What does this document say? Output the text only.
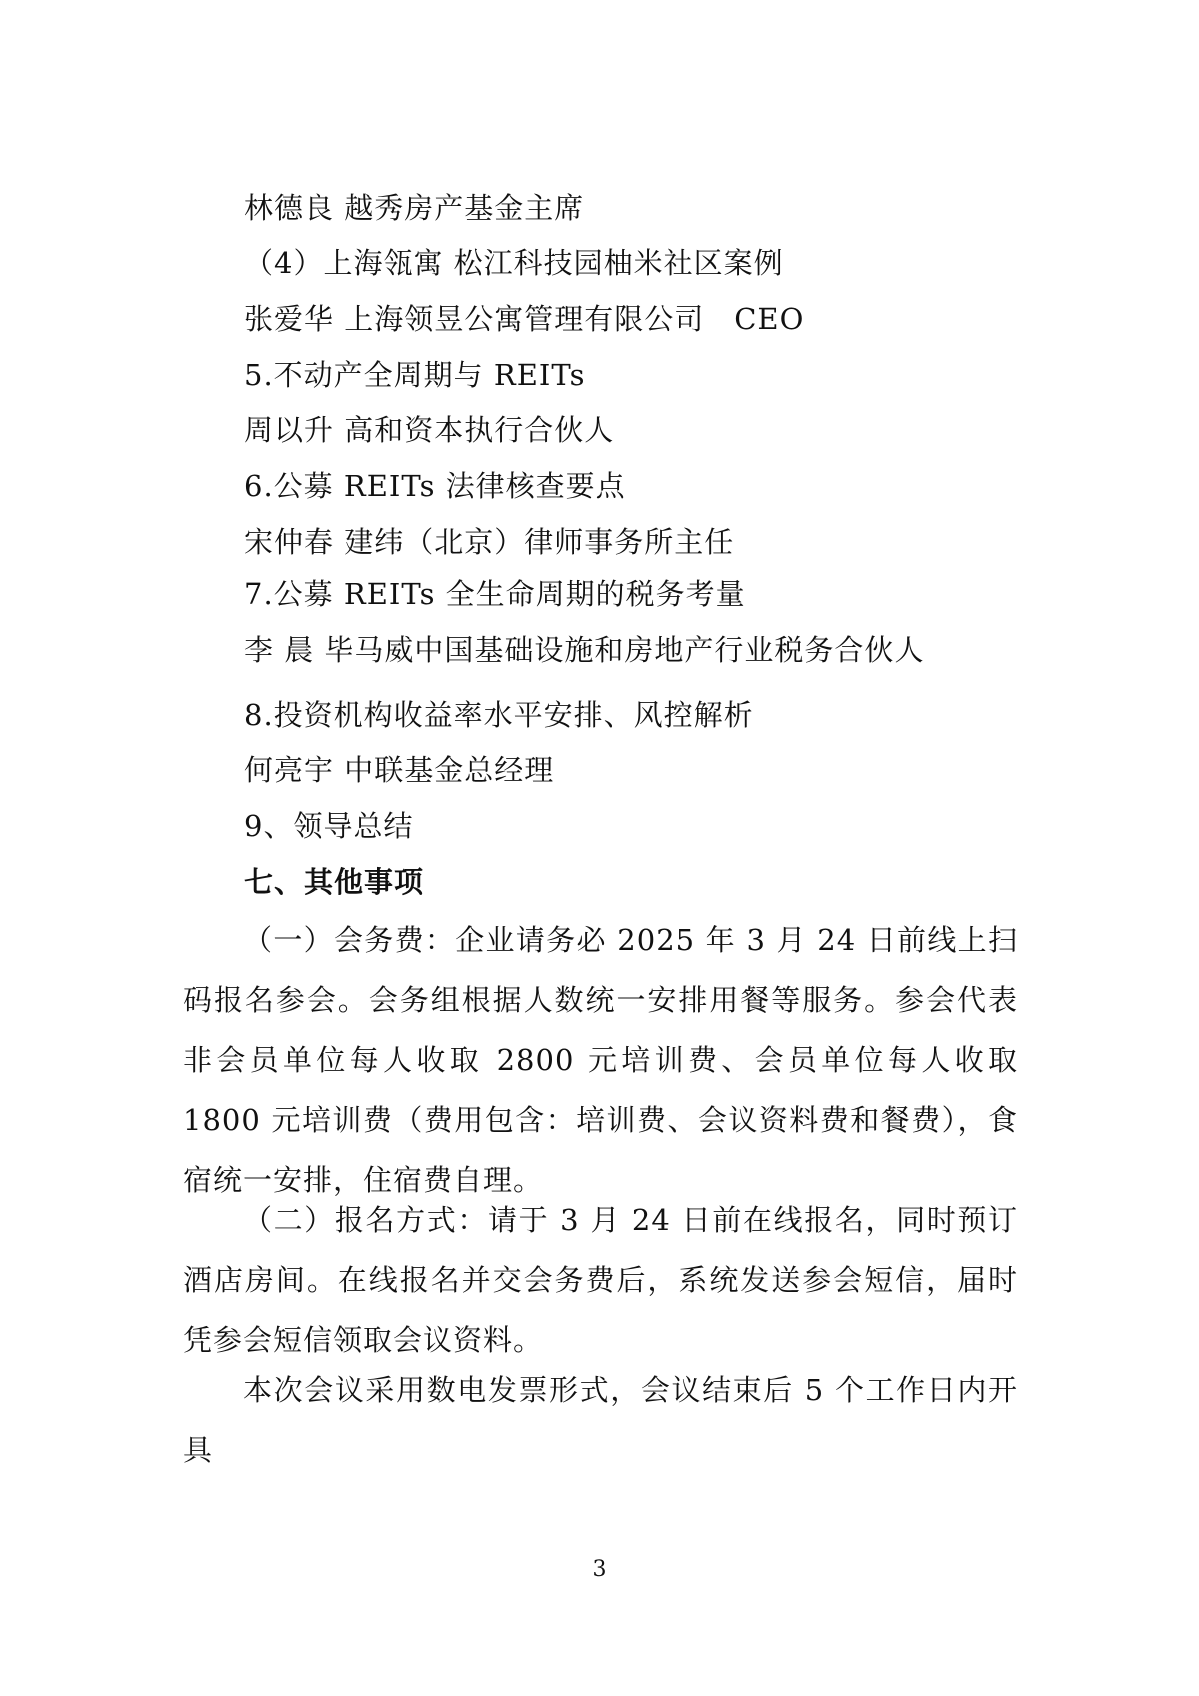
林德良 越秀房产基金主席
（4）上海瓴寓 松江科技园柚米社区案例
张爱华 上海领昱公寓管理有限公司　CEO
5.不动产全周期与 REITs
周以升 高和资本执行合伙人
6.公募 REITs 法律核查要点
宋仲春 建纬（北京）律师事务所主任
7.公募 REITs 全生命周期的税务考量
李 晨 毕马威中国基础设施和房地产行业税务合伙人
8.投资机构收益率水平安排、风控解析
何亮宇 中联基金总经理
9、领导总结
七、其他事项
（一）会务费：企业请务必 2025 年 3 月 24 日前线上扫码报名参会。会务组根据人数统一安排用餐等服务。参会代表非会员单位每人收取 2800 元培训费、会员单位每人收取 1800 元培训费（费用包含：培训费、会议资料费和餐费），食宿统一安排，住宿费自理。
（二）报名方式：请于 3 月 24 日前在线报名，同时预订酒店房间。在线报名并交会务费后，系统发送参会短信，届时凭参会短信领取会议资料。
本次会议采用数电发票形式，会议结束后 5 个工作日内开具
3
